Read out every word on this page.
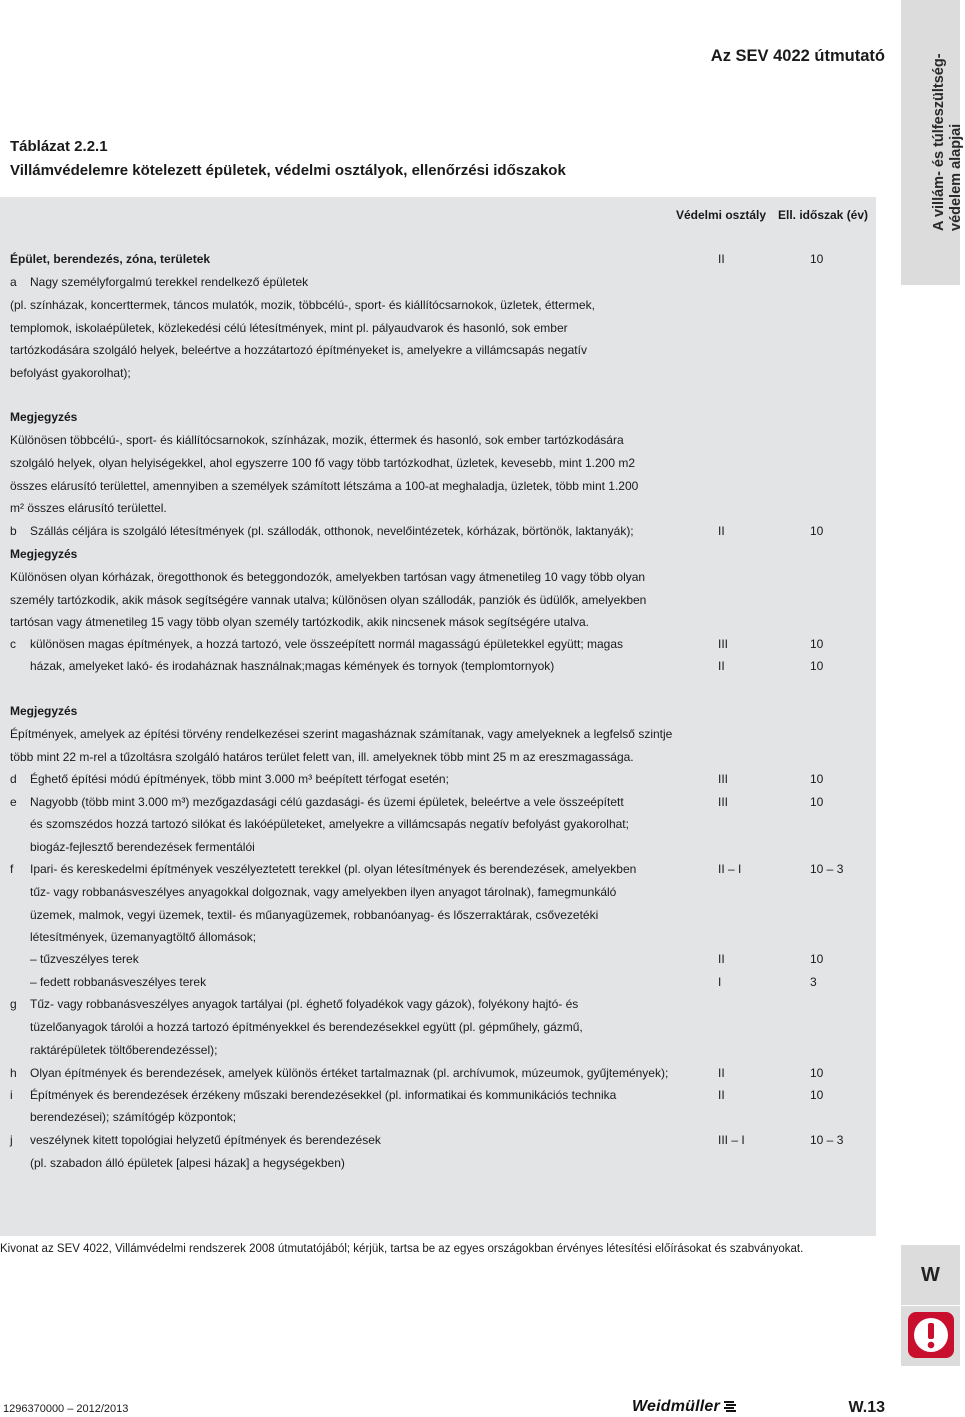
Az SEV 4022 útmutató	A villám- és túlfeszültség- védelem alapjai
Táblázat 2.2.1
Villámvédelemre kötelezett épületek, védelmi osztályok, ellenőrzési időszakok
Védelmi osztály Ell. időszak (év)
Épület, berendezés, zóna, területek	II	10
a	Nagy személyforgalmú terekkel rendelkező épületek
(pl. színházak, koncerttermek, táncos mulatók, mozik, többcélú-, sport- és kiállítócsarnokok, üzletek, éttermek,
templomok, iskolaépületek, közlekedési célú létesítmények, mint pl. pályaudvarok és hasonló, sok ember
tartózkodására szolgáló helyek, beleértve a hozzátartozó építményeket is, amelyekre a villámcsapás negatív
befolyást gyakorolhat);
Megjegyzés
Különösen többcélú-, sport- és kiállítócsarnokok, színházak, mozik, éttermek és hasonló, sok ember tartózkodására
szolgáló helyek, olyan helyiségekkel, ahol egyszerre 100 fő vagy több tartózkodhat, üzletek, kevesebb, mint 1.200 m2
összes elárusító területtel, amennyiben a személyek számított létszáma a 100-at meghaladja, üzletek, több mint 1.200
m² összes elárusító területtel.
b	Szállás céljára is szolgáló létesítmények (pl. szállodák, otthonok, nevelőintézetek, kórházak, börtönök, laktanyák);	II	10
Megjegyzés
Különösen olyan kórházak, öregotthonok és beteggondozók, amelyekben tartósan vagy átmenetileg 10 vagy több olyan
személy tartózkodik, akik mások segítségére vannak utalva; különösen olyan szállodák, panziók és üdülők, amelyekben
tartósan vagy átmenetileg 15 vagy több olyan személy tartózkodik, akik nincsenek mások segítségére utalva.
c	különösen magas építmények, a hozzá tartozó, vele összeépített normál magasságú épületekkel együtt; magas	III	10
házak, amelyeket lakó- és irodaháznak használnak;magas kémények és tornyok (templomtornyok)	II	10
Megjegyzés
Építmények, amelyek az építési törvény rendelkezései szerint magasháznak számítanak, vagy amelyeknek a legfelső szintje
több mint 22 m-rel a tűzoltásra szolgáló határos terület felett van, ill. amelyeknek több mint 25 m az ereszmagassága.
d	Éghető építési módú építmények, több mint 3.000 m³ beépített térfogat esetén;	III	10
e	Nagyobb (több mint 3.000 m³) mezőgazdasági célú gazdasági- és üzemi épületek, beleértve a vele összeépített	III	10
és szomszédos hozzá tartozó silókat és lakóépületeket, amelyekre a villámcsapás negatív befolyást gyakorolhat;
biogáz-fejlesztő berendezések fermentálói
f	Ipari- és kereskedelmi építmények veszélyeztetett terekkel (pl. olyan létesítmények és berendezések, amelyekben	II – I	10 – 3
tűz- vagy robbanásveszélyes anyagokkal dolgoznak, vagy amelyekben ilyen anyagot tárolnak), famegmunkáló
üzemek, malmok, vegyi üzemek, textil- és műanyagüzemek, robbanóanyag- és lőszerraktárak, csővezetéki
létesítmények, üzemanyagtöltő állomások;
– tűzveszélyes terek	II	10
– fedett robbanásveszélyes terek	I	3
g	Tűz- vagy robbanásveszélyes anyagok tartályai (pl. éghető folyadékok vagy gázok), folyékony hajtó- és
tüzelőanyagok tárolói a hozzá tartozó építményekkel és berendezésekkel együtt (pl. gépműhely, gázmű,
raktárépületek töltőberendezéssel);
h	Olyan építmények és berendezések, amelyek különös értéket tartalmaznak (pl. archívumok, múzeumok, gyűjtemények);	II	10
i	Építmények és berendezések érzékeny műszaki berendezésekkel (pl. informatikai és kommunikációs technika	II	10
berendezései); számítógép központok;
j	veszélynek kitett topológiai helyzetű építmények és berendezések	III – I	10 – 3
(pl. szabadon álló épületek [alpesi házak] a hegységekben)
Kivonat az SEV 4022, Villámvédelmi rendszerek 2008 útmutatójából; kérjük, tartsa be az egyes országokban érvényes létesítési előírásokat és szabványokat.
W
1296370000 – 2012/2013	Weidmüller	W.13
